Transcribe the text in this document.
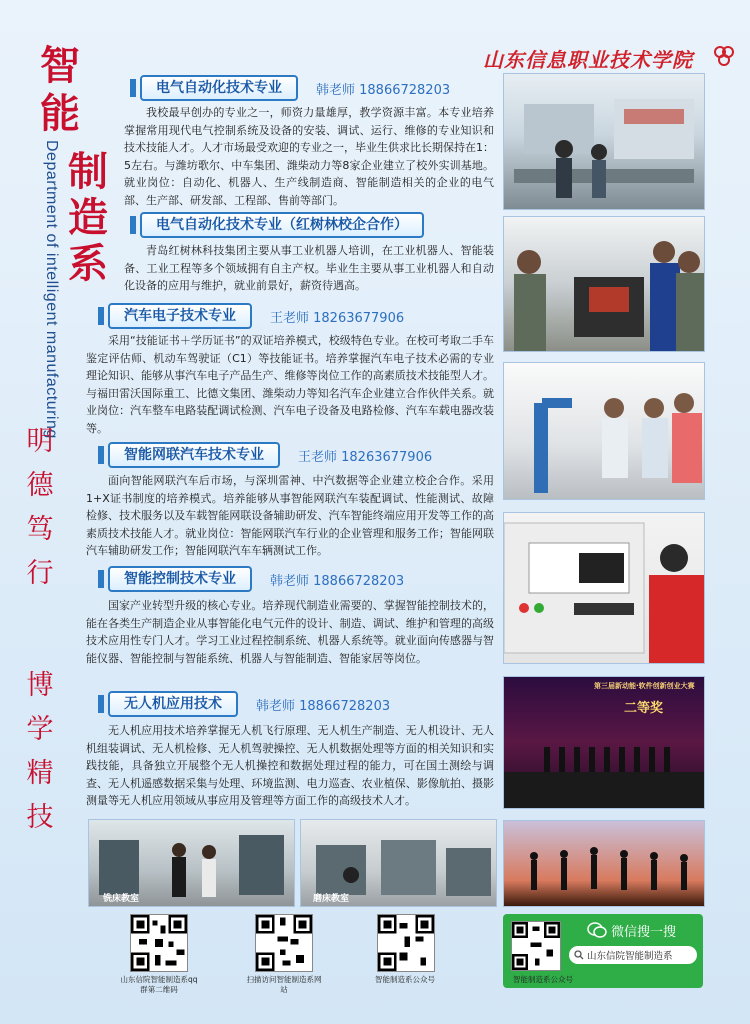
智
能
制
造
系
Department of intelligent manufacturing
明
德
笃
行
博
学
精
技
山东信息职业技术学院
电气自动化技术专业	韩老师 18866728203
我校最早创办的专业之一，师资力量雄厚，教学资源丰富。本专业培养掌握常用现代电气控制系统及设备的安装、调试、运行、维修的专业知识和技术技能人才。人才市场最受欢迎的专业之一，毕业生供求比长期保持在1：5左右。与潍坊歌尔、中车集团、潍柴动力等8家企业建立了校外实训基地。就业岗位：自动化、机器人、生产线制造商、智能制造相关的企业的电气部、生产部、研发部、工程部、售前等部门。
电气自动化技术专业（红树林校企合作）
青岛红树林科技集团主要从事工业机器人培训，在工业机器人、智能装备、工业工程等多个领域拥有自主产权。毕业生主要从事工业机器人和自动化设备的应用与维护，就业前景好，薪资待遇高。
汽车电子技术专业	王老师 18263677906
采用“技能证书＋学历证书”的双证培养模式，校级特色专业。在校可考取二手车鉴定评估师、机动车驾驶证（C1）等技能证书。培养掌握汽车电子技术必需的专业理论知识、能够从事汽车电子产品生产、维修等岗位工作的高素质技术技能型人才。与福田雷沃国际重工、比德文集团、潍柴动力等知名汽车企业建立合作伙伴关系。就业岗位：汽车整车电路装配调试检测、汽车电子设备及电路检修、汽车车载电器改装等。
智能网联汽车技术专业	王老师 18263677906
面向智能网联汽车后市场，与深圳雷神、中汽数据等企业建立校企合作。采用1+X证书制度的培养模式。培养能够从事智能网联汽车装配调试、性能测试、故障检修、技术服务以及车载智能网联设备辅助研发、汽车智能终端应用开发等工作的高素质技术技能人才。就业岗位：智能网联汽车行业的企业管理和服务工作；智能网联汽车辅助研发工作；智能网联汽车车辆测试工作。
智能控制技术专业	韩老师 18866728203
国家产业转型升级的核心专业。培养现代制造业需要的、掌握智能控制技术的，能在各类生产制造企业从事智能化电气元件的设计、制造、调试、维护和管理的高级技术应用性专门人才。学习工业过程控制系统、机器人系统等。就业面向传感器与智能仪器、智能控制与智能系统、机器人与智能制造、智能家居等岗位。
无人机应用技术	韩老师 18866728203
无人机应用技术培养掌握无人机飞行原理、无人机生产制造、无人机设计、无人机组装调试、无人机检修、无人机驾驶操控、无人机数据处理等方面的相关知识和实践技能，具备独立开展整个无人机操控和数据处理过程的能力，可在国土测绘与调查、无人机遥感数据采集与处理、环境监测、电力巡查、农业植保、影像航拍、摄影测量等无人机应用领域从事应用及管理等方面工作的高级技术人才。
第三届新动能·软件创新创业大赛
二等奖
铣床教室	磨床教室
山东信院智能制造系qq 群第二维码
扫描访问智能制造系网站
智能制造系公众号
微信搜一搜
山东信院智能制造系
智能制造系公众号
